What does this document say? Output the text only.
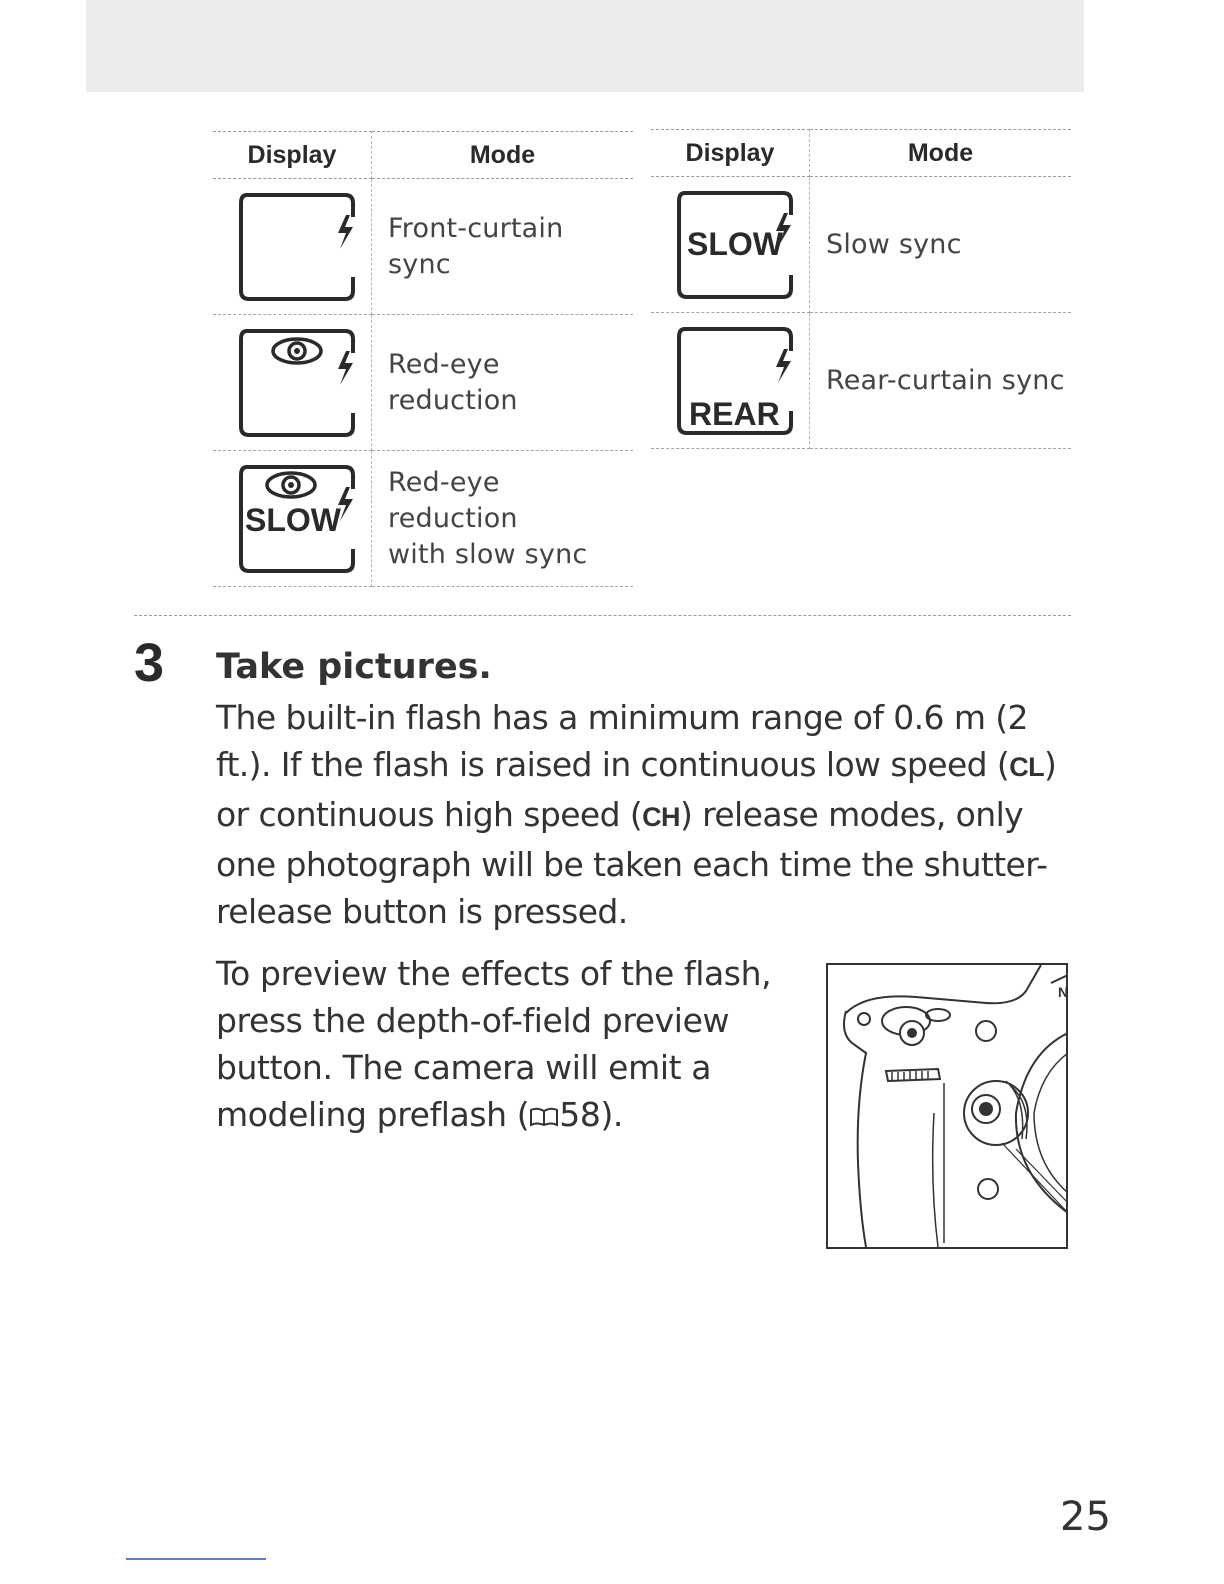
Display	Mode

	Front-curtain sync

	Red-eye reduction

SLOW	Red-eye reduction
with slow sync
Display	Mode

SLOW	Slow sync

REAR	Rear-curtain sync
3 Take pictures.

The built-in flash has a minimum range of 0.6 m (2 ft.). If the flash is raised in continuous low speed (CL) or continuous high speed (CH) release modes, only one photograph will be taken each time the shutter-release button is pressed.

To preview the effects of the flash, press the depth-of-field preview button. The camera will emit a modeling preflash ( 58).

N
25
